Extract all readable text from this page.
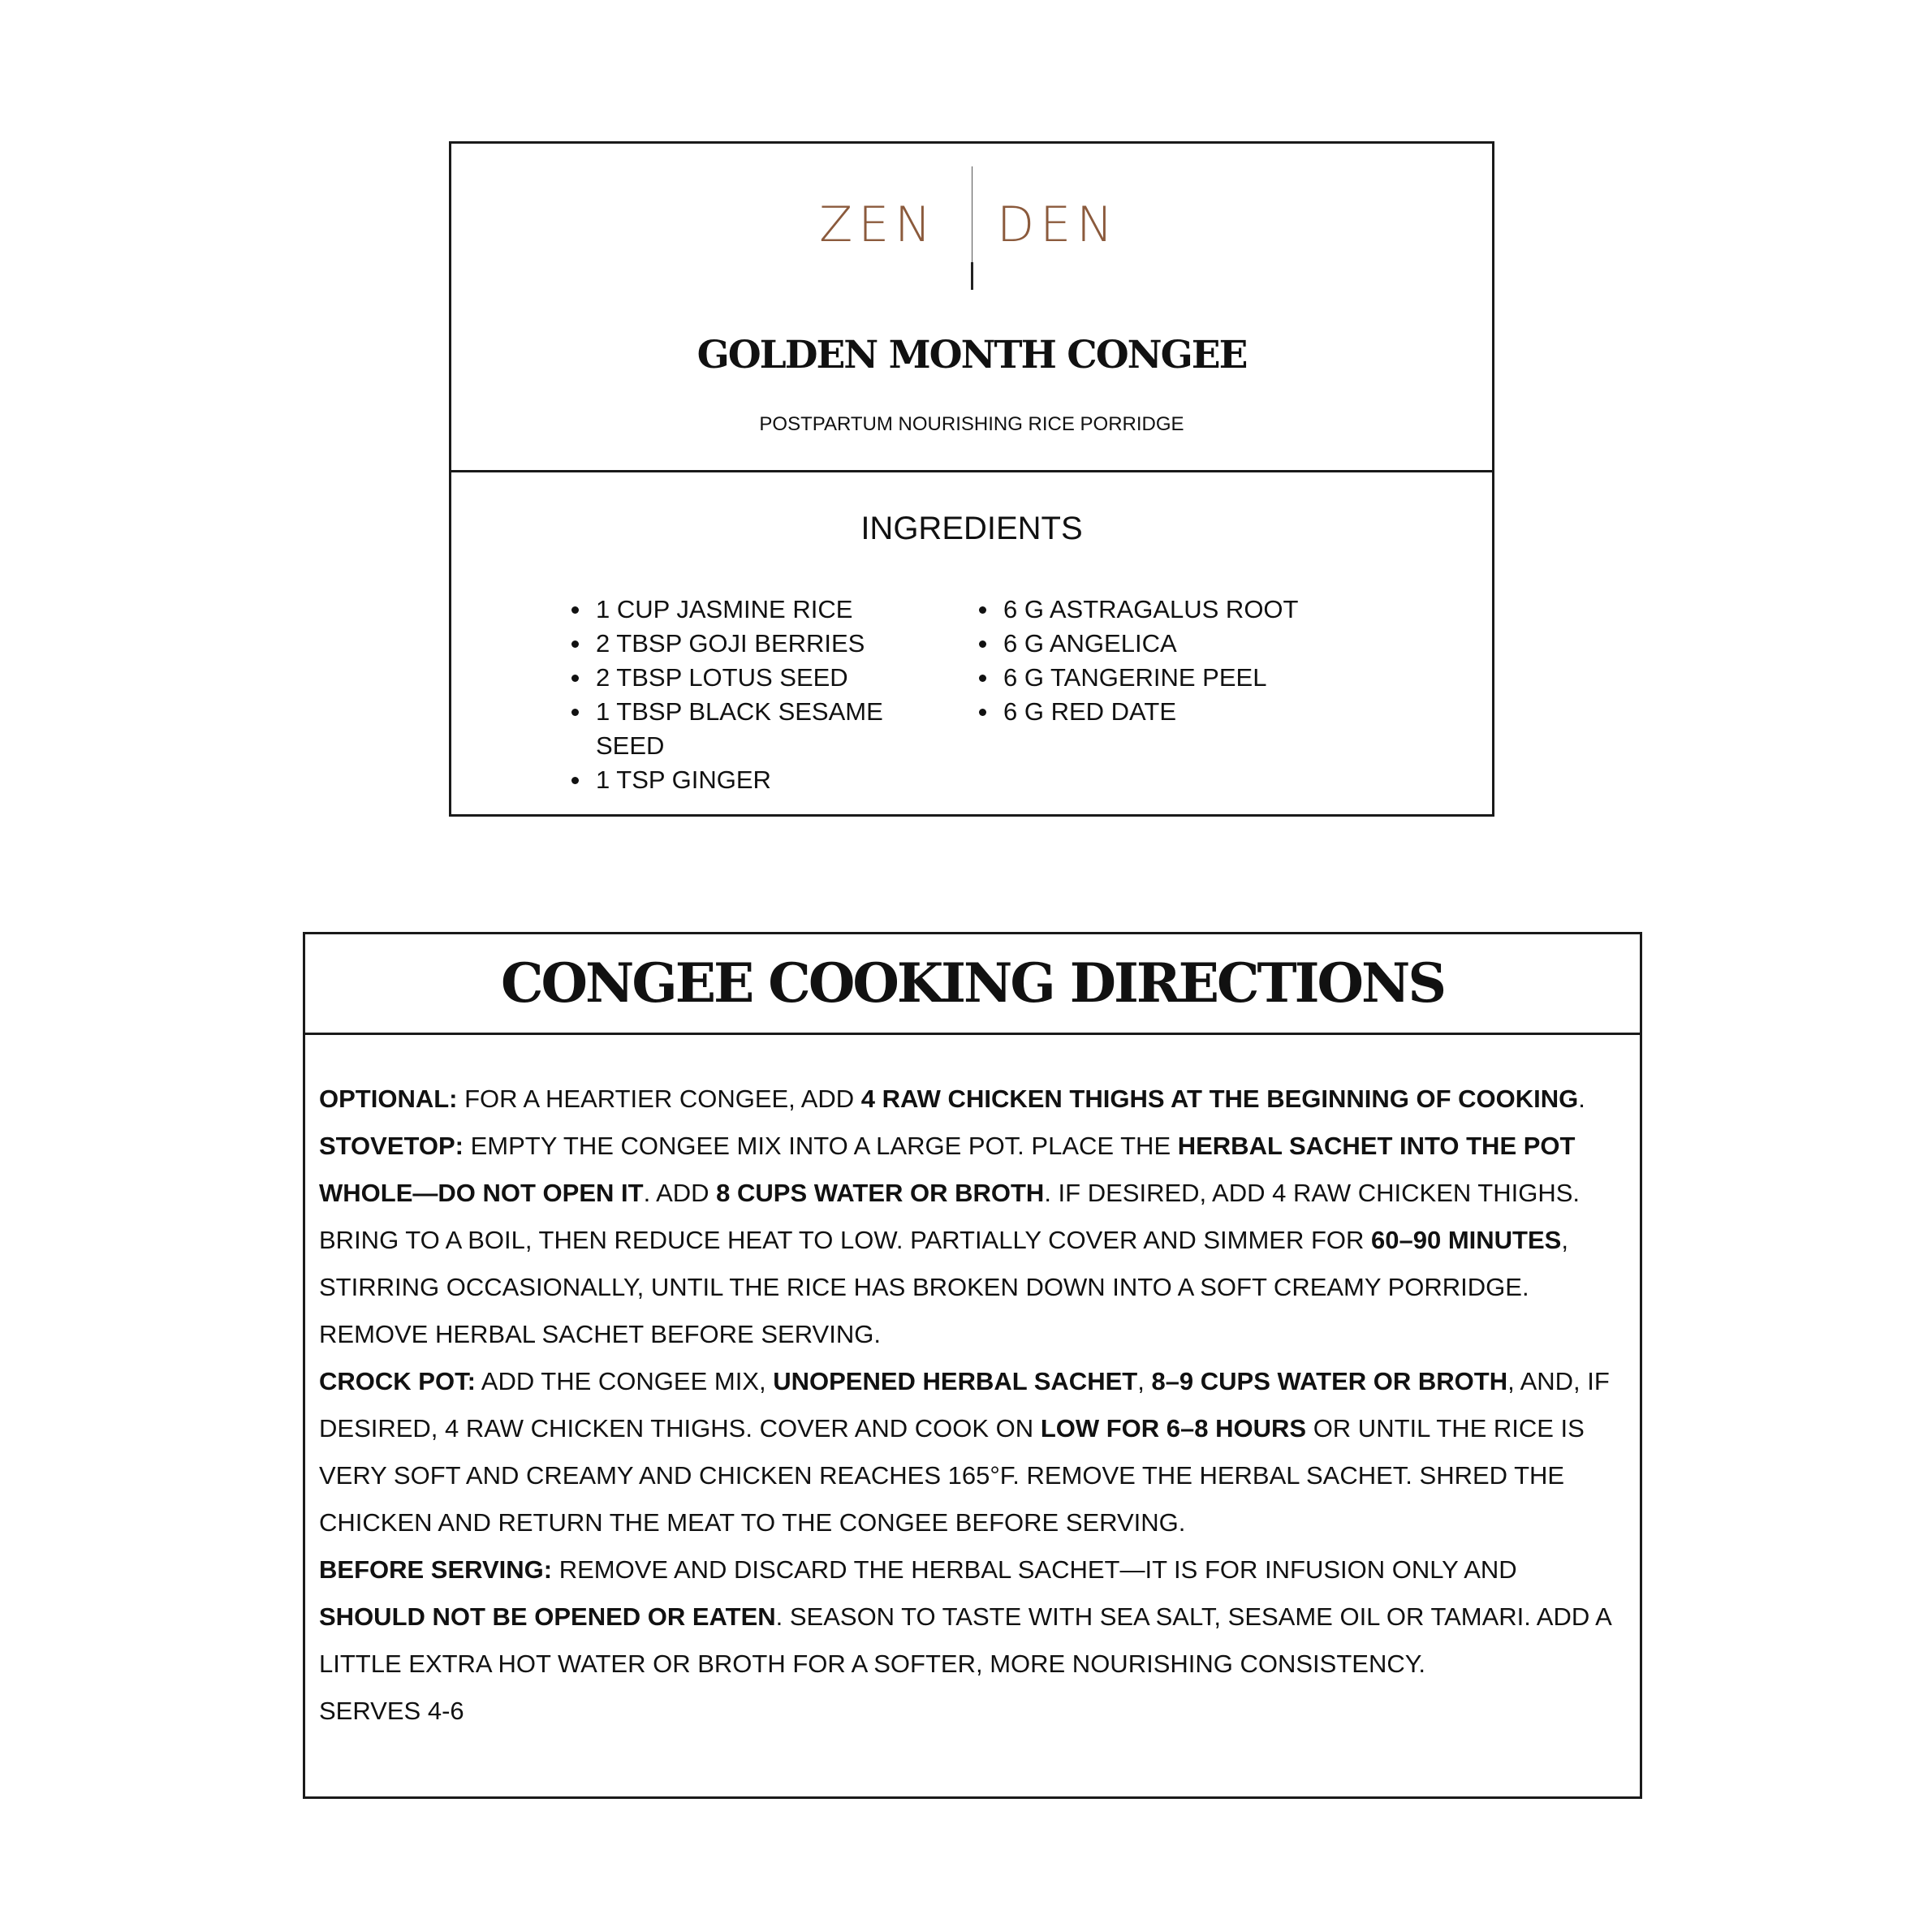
ZEN DEN
GOLDEN MONTH CONGEE

POSTPARTUM NOURISHING RICE PORRIDGE

INGREDIENTS
1 CUP JASMINE RICE
2 TBSP GOJI BERRIES
2 TBSP LOTUS SEED
1 TBSP BLACK SESAME SEED
1 TSP GINGER
6 G ASTRAGALUS ROOT
6 G ANGELICA
6 G TANGERINE PEEL
6 G RED DATE
CONGEE COOKING DIRECTIONS

OPTIONAL: FOR A HEARTIER CONGEE, ADD 4 RAW CHICKEN THIGHS AT THE BEGINNING OF COOKING.

STOVETOP: EMPTY THE CONGEE MIX INTO A LARGE POT. PLACE THE HERBAL SACHET INTO THE POT WHOLE—DO NOT OPEN IT. ADD 8 CUPS WATER OR BROTH. IF DESIRED, ADD 4 RAW CHICKEN THIGHS. BRING TO A BOIL, THEN REDUCE HEAT TO LOW. PARTIALLY COVER AND SIMMER FOR 60–90 MINUTES, STIRRING OCCASIONALLY, UNTIL THE RICE HAS BROKEN DOWN INTO A SOFT CREAMY PORRIDGE. REMOVE HERBAL SACHET BEFORE SERVING.

CROCK POT: ADD THE CONGEE MIX, UNOPENED HERBAL SACHET, 8–9 CUPS WATER OR BROTH, AND, IF DESIRED, 4 RAW CHICKEN THIGHS. COVER AND COOK ON LOW FOR 6–8 HOURS OR UNTIL THE RICE IS VERY SOFT AND CREAMY AND CHICKEN REACHES 165°F. REMOVE THE HERBAL SACHET. SHRED THE CHICKEN AND RETURN THE MEAT TO THE CONGEE BEFORE SERVING.

BEFORE SERVING: REMOVE AND DISCARD THE HERBAL SACHET—IT IS FOR INFUSION ONLY AND SHOULD NOT BE OPENED OR EATEN. SEASON TO TASTE WITH SEA SALT, SESAME OIL OR TAMARI. ADD A LITTLE EXTRA HOT WATER OR BROTH FOR A SOFTER, MORE NOURISHING CONSISTENCY.

SERVES 4-6
